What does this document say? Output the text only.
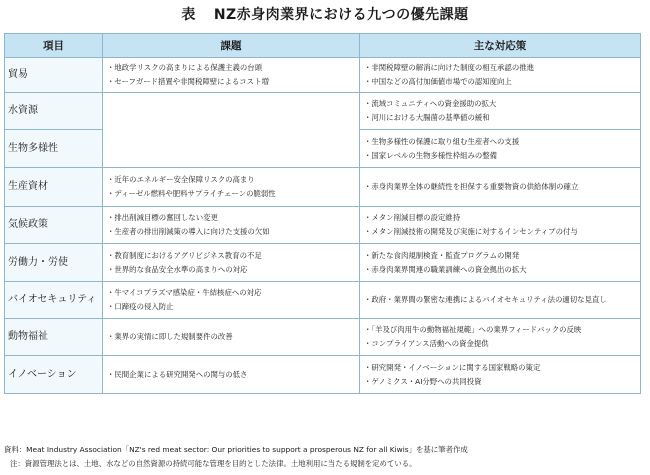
表 NZ赤身肉業界における九つの優先課題
項目	課題	主な対応策
貿易	・地政学リスクの高まりによる保護主義の台頭
・セーフガード措置や非関税障壁によるコスト増	・非関税障壁の解消に向けた制度の相互承認の推進
・中国などの高付加価値市場での認知度向上

水資源		・流域コミュニティへの資金援助の拡大
・河川における大腸菌の基準値の緩和

生物多様性		・生物多様性の保護に取り組む生産者への支援
・国家レベルの生物多様性枠組みの整備

生産資材	・近年のエネルギー安全保障リスクの高まり
・ディーゼル燃料や肥料サプライチェーンの脆弱性	・赤身肉業界全体の継続性を担保する重要物資の供給体制の確立

気候政策	・排出削減目標の奮回しない変更
・生産者の排出削減策の導入に向けた支援の欠如	・メタン削減目標の設定維持
・メタン削減技術の開発及び実施に対するインセンティブの付与

労働力・労使	・教育制度におけるアグリビジネス教育の不足
・世界的な食品安全水準の高まりへの対応	・新たな食肉規制検査・監査プログラムの開発
・赤身肉業界関連の職業訓練への資金拠出の拡大

バイオセキュリティ	・牛マイコプラズマ感染症・牛結核症への対応
・口蹄疫の侵入防止	・政府・業界間の緊密な連携によるバイオセキュリティ法の適切な見直し

動物福祉	・業界の実情に即した規制要件の改善	・「羊及び肉用牛の動物福祉規範」への業界フィードバックの反映
・コンプライアンス活動への資金提供

イノベーション	・民間企業による研究開発への関与の低さ	・研究開発・イノベーションに関する国家戦略の策定
・ゲノミクス・AI分野への共同投資
資料：Meat Industry Association「NZ's red meat sector: Our priorities to support a prosperous NZ for all Kiwis」を基に筆者作成
注：資源管理法とは、土地、水などの自然資源の持続可能な管理を目的とした法律。土地利用に当たる規制を定めている。
